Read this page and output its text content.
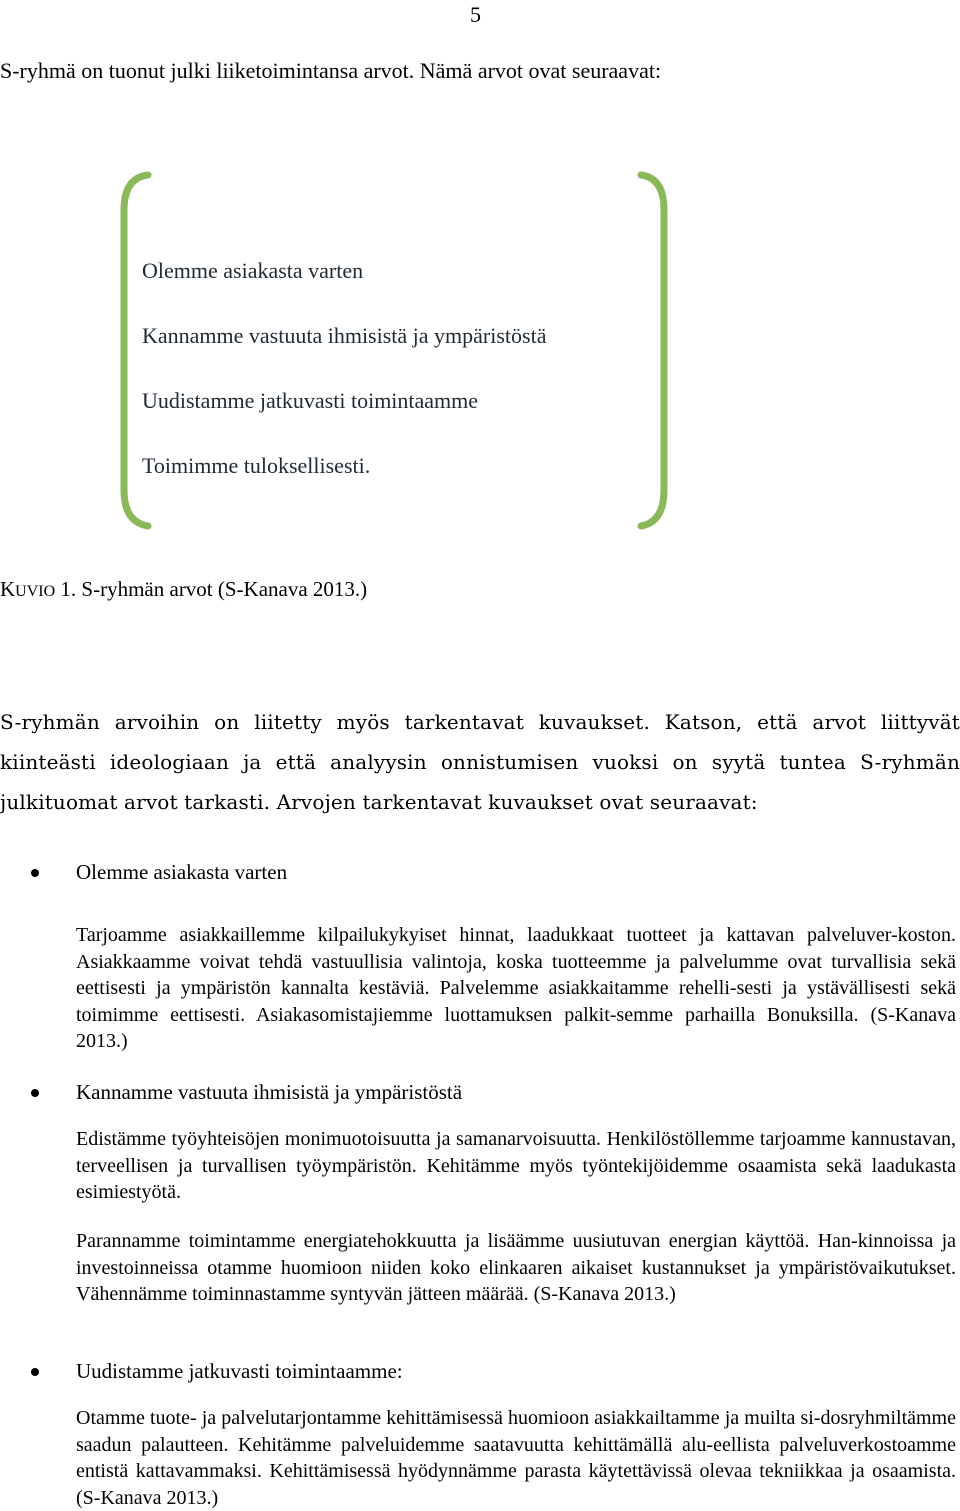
5
S-ryhmä on tuonut julki liiketoimintansa arvot. Nämä arvot ovat seuraavat:
Olemme asiakasta varten
Kannamme vastuuta ihmisistä ja ympäristöstä
Uudistamme jatkuvasti toimintaamme
Toimimme tuloksellisesti.
KUVIO 1. S-ryhmän arvot (S-Kanava 2013.)
S-ryhmän arvoihin on liitetty myös tarkentavat kuvaukset. Katson, että arvot liittyvät kiinteästi ideologiaan ja että analyysin onnistumisen vuoksi on syytä tuntea S-ryhmän julkituomat arvot tarkasti. Arvojen tarkentavat kuvaukset ovat seuraavat:
Olemme asiakasta varten

Tarjoamme asiakkaillemme kilpailukykyiset hinnat, laadukkaat tuotteet ja kattavan palveluver-koston. Asiakkaamme voivat tehdä vastuullisia valintoja, koska tuotteemme ja palvelumme ovat turvallisia sekä eettisesti ja ympäristön kannalta kestäviä. Palvelemme asiakkaitamme rehelli-sesti ja ystävällisesti sekä toimimme eettisesti. Asiakasomistajiemme luottamuksen palkit-semme parhailla Bonuksilla. (S-Kanava 2013.)

Kannamme vastuuta ihmisistä ja ympäristöstä

Edistämme työyhteisöjen monimuotoisuutta ja samanarvoisuutta. Henkilöstöllemme tarjoamme kannustavan, terveellisen ja turvallisen työympäristön. Kehitämme myös työntekijöidemme osaamista sekä laadukasta esimiestyötä.

Parannamme toimintamme energiatehokkuutta ja lisäämme uusiutuvan energian käyttöä. Han-kinnoissa ja investoinneissa otamme huomioon niiden koko elinkaaren aikaiset kustannukset ja ympäristövaikutukset. Vähennämme toiminnastamme syntyvän jätteen määrää. (S-Kanava 2013.)

Uudistamme jatkuvasti toimintaamme:

Otamme tuote- ja palvelutarjontamme kehittämisessä huomioon asiakkailtamme ja muilta si-dosryhmiltämme saadun palautteen. Kehitämme palveluidemme saatavuutta kehittämällä alu-eellista palveluverkostoamme entistä kattavammaksi. Kehittämisessä hyödynnämme parasta käytettävissä olevaa tekniikkaa ja osaamista. (S-Kanava 2013.)
